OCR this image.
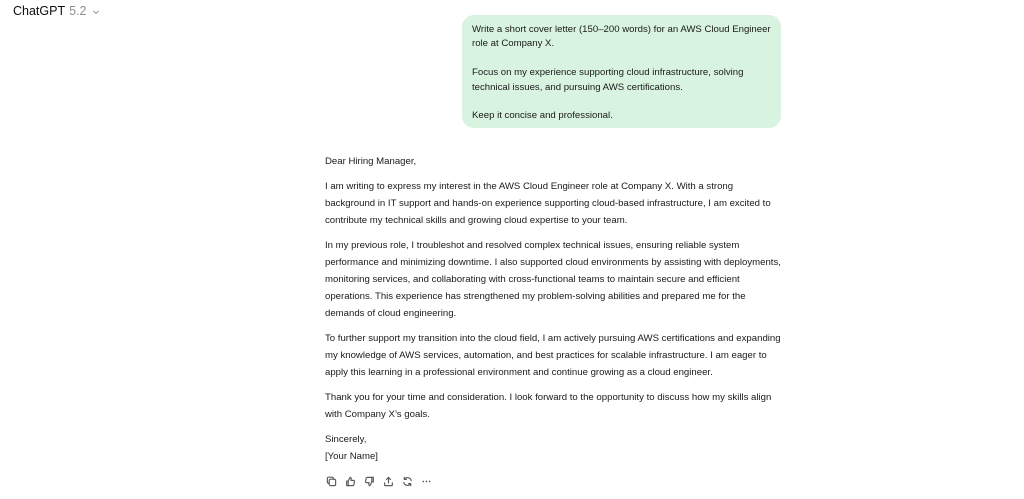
ChatGPT 5.2

Write a short cover letter (150–200 words) for an AWS Cloud Engineer role at Company X.

Focus on my experience supporting cloud infrastructure, solving technical issues, and pursuing AWS certifications.

Keep it concise and professional.

Dear Hiring Manager,

I am writing to express my interest in the AWS Cloud Engineer role at Company X. With a strong background in IT support and hands-on experience supporting cloud-based infrastructure, I am excited to contribute my technical skills and growing cloud expertise to your team.

In my previous role, I troubleshot and resolved complex technical issues, ensuring reliable system performance and minimizing downtime. I also supported cloud environments by assisting with deployments, monitoring services, and collaborating with cross-functional teams to maintain secure and efficient operations. This experience has strengthened my problem-solving abilities and prepared me for the demands of cloud engineering.

To further support my transition into the cloud field, I am actively pursuing AWS certifications and expanding my knowledge of AWS services, automation, and best practices for scalable infrastructure. I am eager to apply this learning in a professional environment and continue growing as a cloud engineer.

Thank you for your time and consideration. I look forward to the opportunity to discuss how my skills align with Company X’s goals.

Sincerely,

[Your Name]
